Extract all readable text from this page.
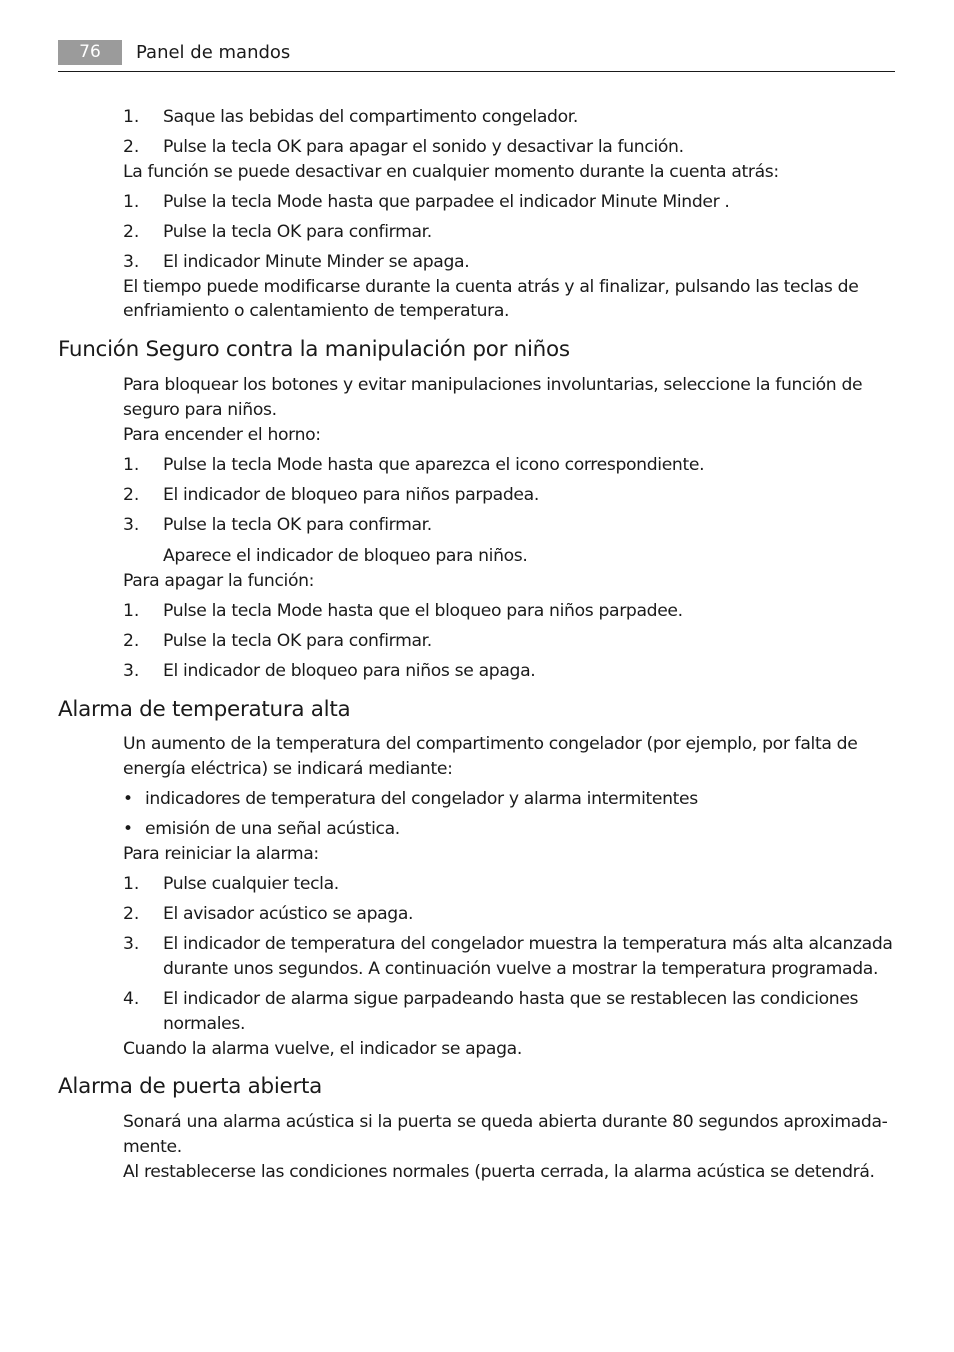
76	Panel de mandos
1. Saque las bebidas del compartimento congelador.
2. Pulse la tecla OK para apagar el sonido y desactivar la función.
La función se puede desactivar en cualquier momento durante la cuenta atrás:
1. Pulse la tecla Mode hasta que parpadee el indicador Minute Minder .
2. Pulse la tecla OK para confirmar.
3. El indicador Minute Minder se apaga.
El tiempo puede modificarse durante la cuenta atrás y al finalizar, pulsando las teclas de
enfriamiento o calentamiento de temperatura.
Función Seguro contra la manipulación por niños
Para bloquear los botones y evitar manipulaciones involuntarias, seleccione la función de
seguro para niños.
Para encender el horno:
1. Pulse la tecla Mode hasta que aparezca el icono correspondiente.
2. El indicador de bloqueo para niños parpadea.
3. Pulse la tecla OK para confirmar.
Aparece el indicador de bloqueo para niños.
Para apagar la función:
1. Pulse la tecla Mode hasta que el bloqueo para niños parpadee.
2. Pulse la tecla OK para confirmar.
3. El indicador de bloqueo para niños se apaga.
Alarma de temperatura alta
Un aumento de la temperatura del compartimento congelador (por ejemplo, por falta de
energía eléctrica) se indicará mediante:
• indicadores de temperatura del congelador y alarma intermitentes
• emisión de una señal acústica.
Para reiniciar la alarma:
1. Pulse cualquier tecla.
2. El avisador acústico se apaga.
3. El indicador de temperatura del congelador muestra la temperatura más alta alcanzada
durante unos segundos. A continuación vuelve a mostrar la temperatura programada.
4. El indicador de alarma sigue parpadeando hasta que se restablecen las condiciones
normales.
Cuando la alarma vuelve, el indicador se apaga.
Alarma de puerta abierta
Sonará una alarma acústica si la puerta se queda abierta durante 80 segundos aproximada-
mente.
Al restablecerse las condiciones normales (puerta cerrada, la alarma acústica se detendrá.
